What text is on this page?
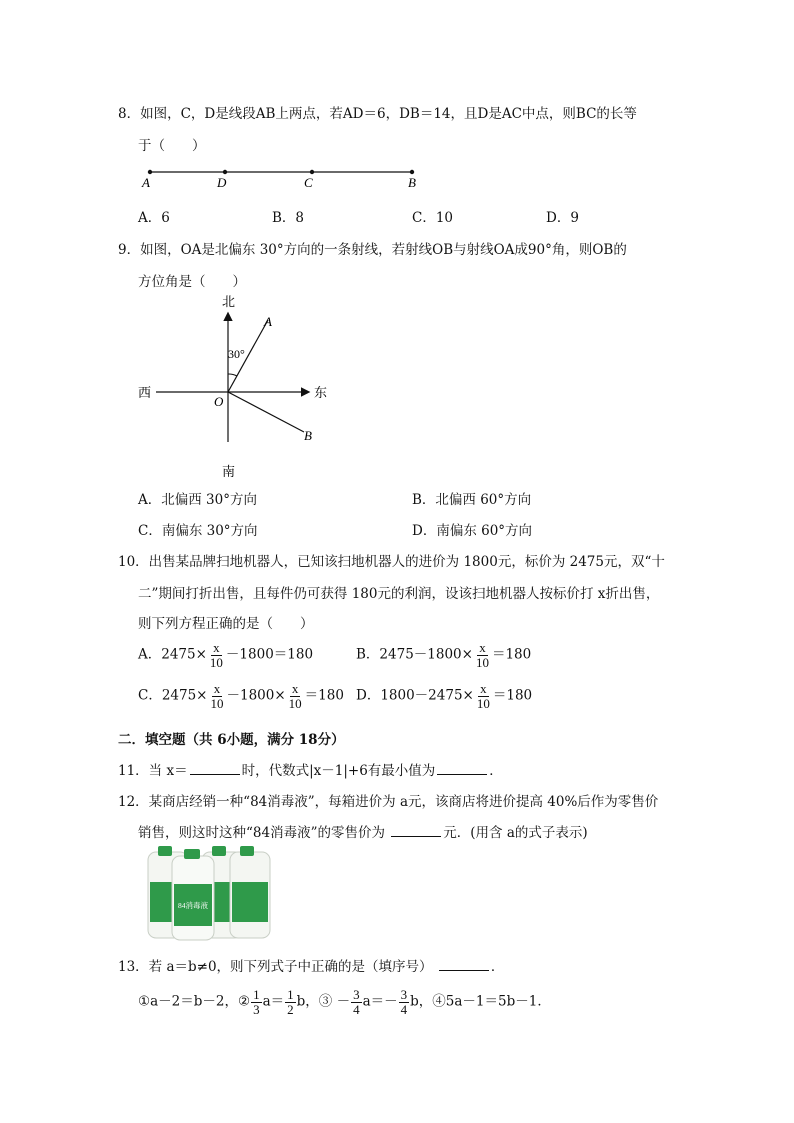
8．如图，C，D是线段AB上两点，若AD＝6，DB＝14，且D是AC中点，则BC的长等
于（　　）
A	D	C	B
A．6	B．8	C．10	D．9
9．如图，OA是北偏东 30°方向的一条射线，若射线OB与射线OA成90°角，则OB的
方位角是（　　）
北
南
东
西
O
A
B
30°
A．北偏西 30°方向	B．北偏西 60°方向
C．南偏东 30°方向	D．南偏东 60°方向
10．出售某品牌扫地机器人，已知该扫地机器人的进价为 1800元，标价为 2475元，双“十
二”期间打折出售，且每件仍可获得 180元的利润，设该扫地机器人按标价打 x折出售，
则下列方程正确的是（　　）
A．$2475\times \frac{x}{10} -1800=180$	B．$2475-1800\times \frac{x}{10} =180$
C．$2475\times \frac{x}{10} -1800\times \frac{x}{10} =180$ D．$1800-2475\times \frac{x}{10} =180$
二．填空题（共 6小题，满分 18分）
11．当 x＝	时，代数式|x－1|+6有最小值为	．
12．某商店经销一种“84消毒液”，每箱进价为 a元，该商店将进价提高 40%后作为零售价
销售，则这时这种“84消毒液”的零售价为	元．(用含 a的式子表示)
84消毒液
13．若 a＝b≠0，则下列式子中正确的是（填序号）	．
①a－2＝b－2，② $\frac{1}{3} a= \frac{1}{2}$ b，③ － $\frac{3}{4} a=- \frac{3}{4}$ b，④5a－1＝5b－1．
